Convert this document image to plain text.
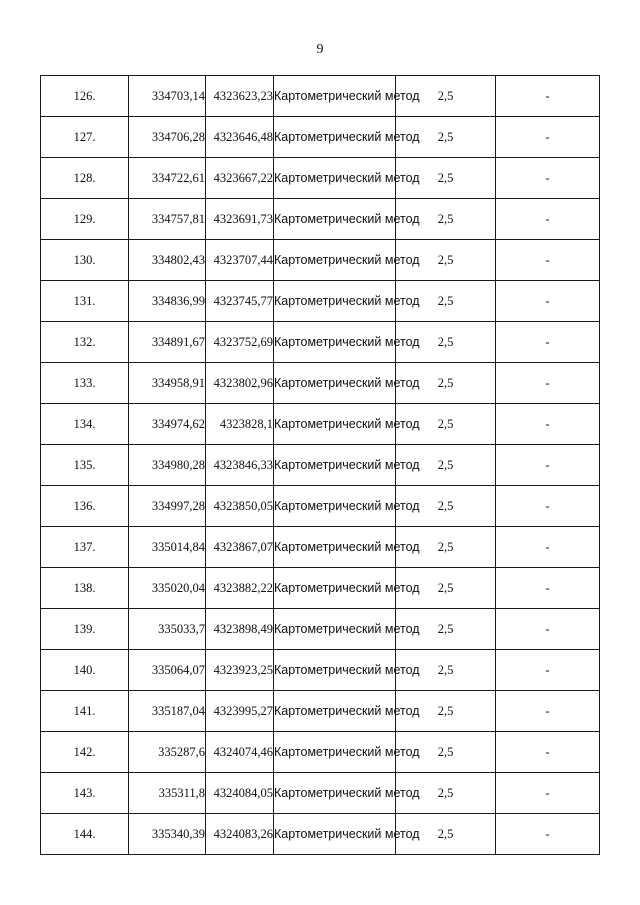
9
126.	334703,14	4323623,23	Картометрический метод	2,5	-
127.	334706,28	4323646,48	Картометрический метод	2,5	-
128.	334722,61	4323667,22	Картометрический метод	2,5	-
129.	334757,81	4323691,73	Картометрический метод	2,5	-
130.	334802,43	4323707,44	Картометрический метод	2,5	-
131.	334836,99	4323745,77	Картометрический метод	2,5	-
132.	334891,67	4323752,69	Картометрический метод	2,5	-
133.	334958,91	4323802,96	Картометрический метод	2,5	-
134.	334974,62	4323828,1	Картометрический метод	2,5	-
135.	334980,28	4323846,33	Картометрический метод	2,5	-
136.	334997,28	4323850,05	Картометрический метод	2,5	-
137.	335014,84	4323867,07	Картометрический метод	2,5	-
138.	335020,04	4323882,22	Картометрический метод	2,5	-
139.	335033,7	4323898,49	Картометрический метод	2,5	-
140.	335064,07	4323923,25	Картометрический метод	2,5	-
141.	335187,04	4323995,27	Картометрический метод	2,5	-
142.	335287,6	4324074,46	Картометрический метод	2,5	-
143.	335311,8	4324084,05	Картометрический метод	2,5	-
144.	335340,39	4324083,26	Картометрический метод	2,5	-
